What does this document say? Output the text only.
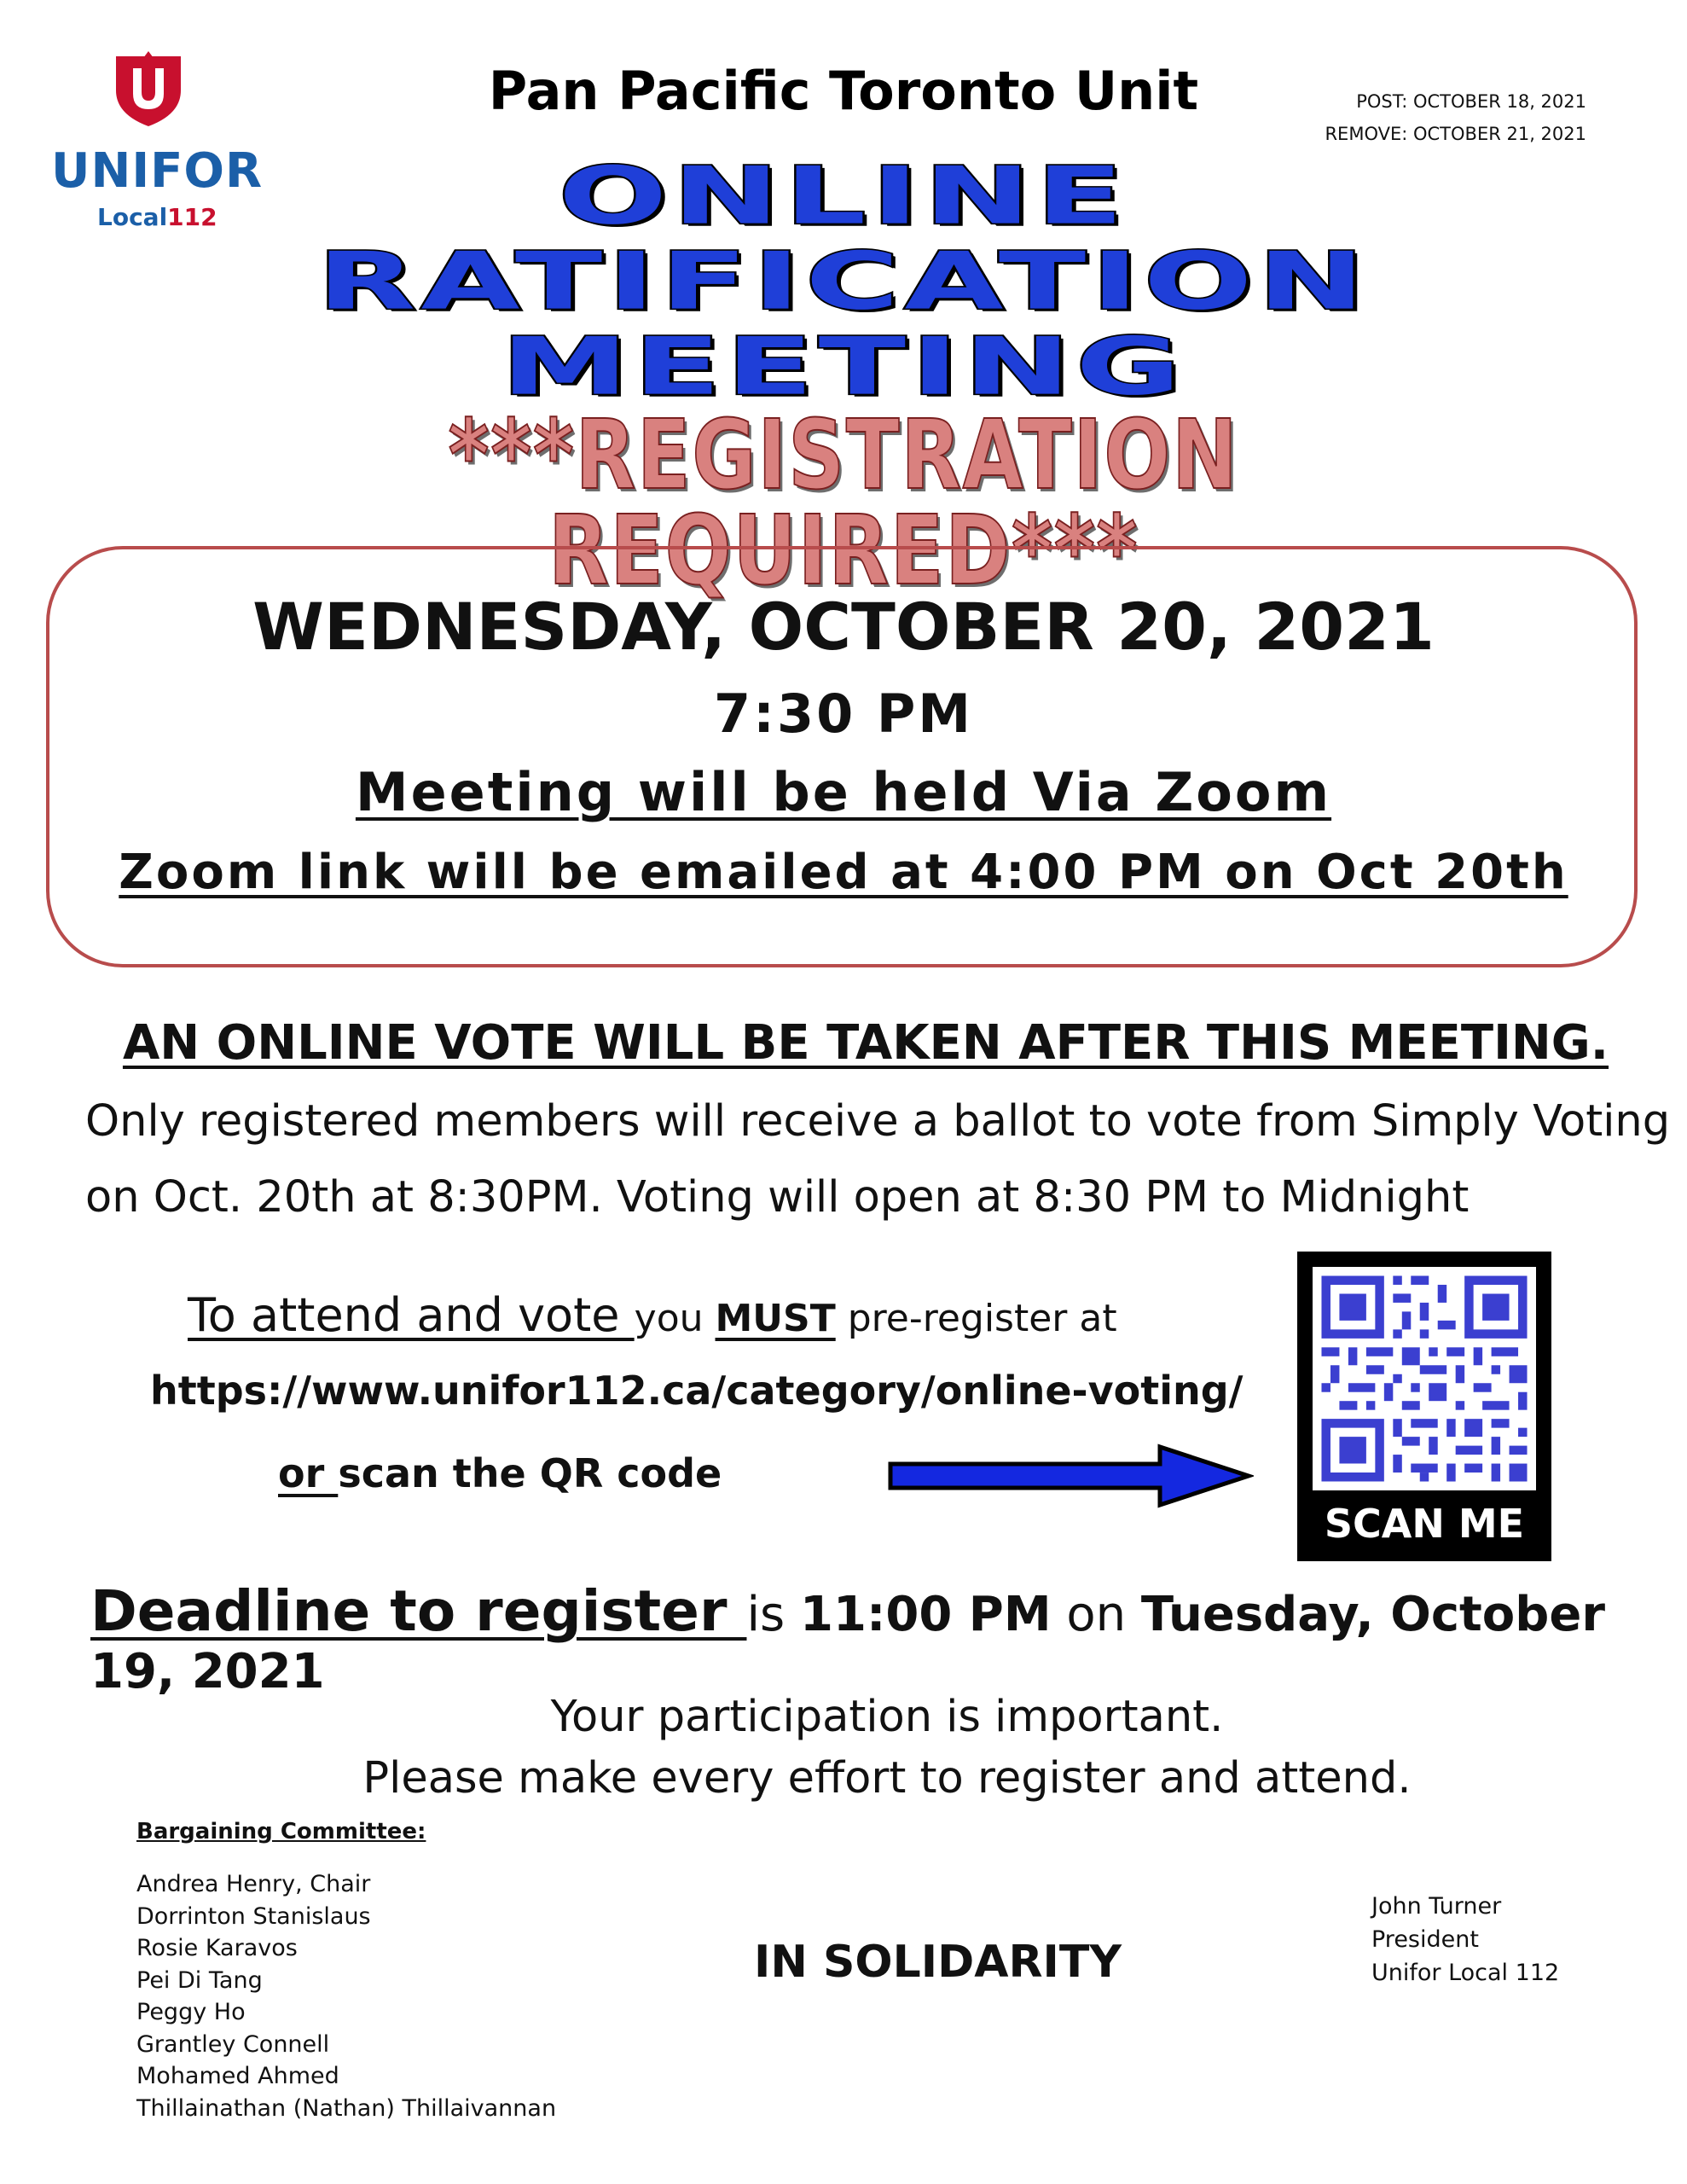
UNIFOR
Local112
POST: OCTOBER 18, 2021
REMOVE: OCTOBER 21, 2021
Pan Pacific Toronto Unit
ONLINE
RATIFICATION
MEETING
***REGISTRATION REQUIRED***
WEDNESDAY, OCTOBER 20, 2021
7:30 PM
Meeting will be held Via Zoom
Zoom link will be emailed at 4:00 PM on Oct 20th
AN ONLINE VOTE WILL BE TAKEN AFTER THIS MEETING.
Only registered members will receive a ballot to vote from Simply Voting
on Oct. 20th at 8:30PM. Voting will open at 8:30 PM to Midnight
To attend and vote you MUST pre-register at
https://www.unifor112.ca/category/online-voting/
or scan the QR code
SCAN ME
Deadline to register is 11:00 PM on Tuesday, October 19, 2021
Your participation is important.
Please make every effort to register and attend.
Bargaining Committee:
Andrea Henry, Chair
Dorrinton Stanislaus
Rosie Karavos
Pei Di Tang
Peggy Ho
Grantley Connell
Mohamed Ahmed
Thillainathan (Nathan) Thillaivannan
IN SOLIDARITY
John Turner
President
Unifor Local 112
